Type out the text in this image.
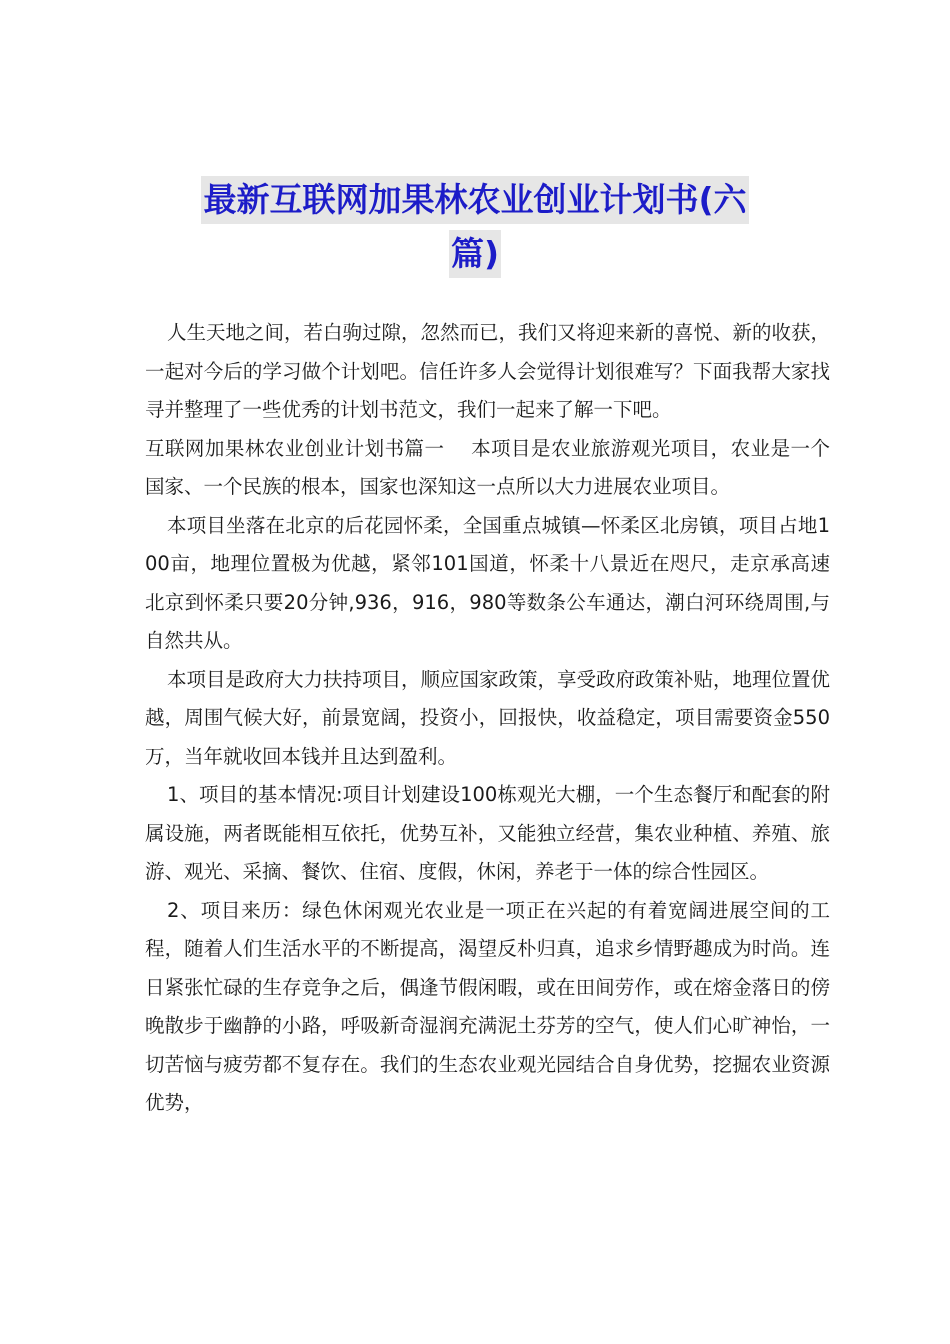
最新互联网加果林农业创业计划书(六
篇)

人生天地之间，若白驹过隙，忽然而已，我们又将迎来新的喜悦、新的收获，一起对今后的学习做个计划吧。信任许多人会觉得计划很难写？下面我帮大家找寻并整理了一些优秀的计划书范文，我们一起来了解一下吧。

互联网加果林农业创业计划书篇一　 本项目是农业旅游观光项目，农业是一个国家、一个民族的根本，国家也深知这一点所以大力进展农业项目。

本项目坐落在北京的后花园怀柔，全国重点城镇—怀柔区北房镇，项目占地100亩，地理位置极为优越，紧邻101国道，怀柔十八景近在咫尺，走京承高速北京到怀柔只要20分钟,936，916，980等数条公车通达，潮白河环绕周围,与自然共从。

本项目是政府大力扶持项目，顺应国家政策，享受政府政策补贴，地理位置优越，周围气候大好，前景宽阔，投资小，回报快，收益稳定，项目需要资金550万，当年就收回本钱并且达到盈利。

1、项目的基本情况:项目计划建设100栋观光大棚，一个生态餐厅和配套的附属设施，两者既能相互依托，优势互补，又能独立经营，集农业种植、养殖、旅游、观光、采摘、餐饮、住宿、度假，休闲，养老于一体的综合性园区。

2、项目来历：绿色休闲观光农业是一项正在兴起的有着宽阔进展空间的工程，随着人们生活水平的不断提高，渴望反朴归真，追求乡情野趣成为时尚。连日紧张忙碌的生存竞争之后，偶逢节假闲暇，或在田间劳作，或在熔金落日的傍晚散步于幽静的小路，呼吸新奇湿润充满泥土芬芳的空气，使人们心旷神怡，一切苦恼与疲劳都不复存在。我们的生态农业观光园结合自身优势，挖掘农业资源优势，
